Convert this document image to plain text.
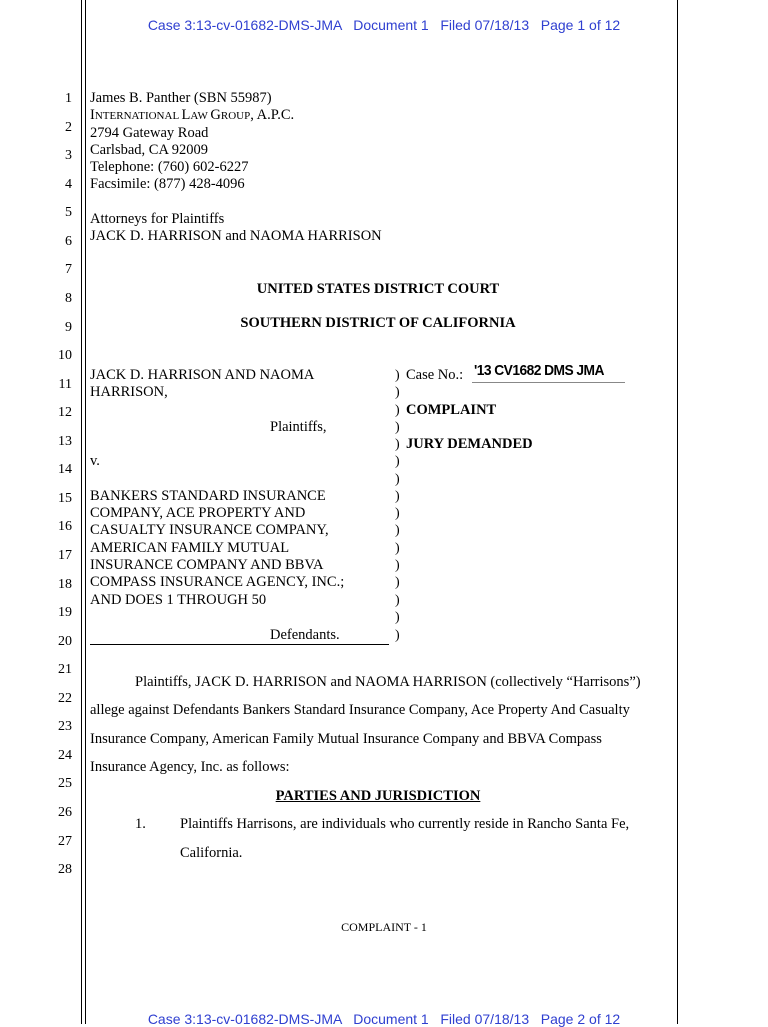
Case 3:13-cv-01682-DMS-JMA   Document 1   Filed 07/18/13   Page 1 of 12
Case 3:13-cv-01682-DMS-JMA   Document 1   Filed 07/18/13   Page 2 of 12
1
2
3
4
5
6
7
8
9
10
11
12
13
14
15
16
17
18
19
20
21
22
23
24
25
26
27
28
James B. Panther (SBN 55987)
INTERNATIONAL LAW GROUP, A.P.C.
2794 Gateway Road
Carlsbad, CA 92009
Telephone: (760) 602-6227
Facsimile: (877) 428-4096
Attorneys for Plaintiffs
JACK D. HARRISON and NAOMA HARRISON
UNITED STATES DISTRICT COURT
SOUTHERN DISTRICT OF CALIFORNIA
JACK D. HARRISON AND NAOMA
HARRISON,
Plaintiffs,
v.
BANKERS STANDARD INSURANCE
COMPANY, ACE PROPERTY AND
CASUALTY INSURANCE COMPANY,
AMERICAN FAMILY MUTUAL
INSURANCE COMPANY AND BBVA
COMPASS INSURANCE AGENCY, INC.;
AND DOES 1 THROUGH 50
Defendants.
)
)
)
)
)
)
)
)
)
)
)
)
)
)
)
)
Case No.: '13 CV1682 DMS JMA
COMPLAINT
JURY DEMANDED
Plaintiffs, JACK D. HARRISON and NAOMA HARRISON (collectively “Harrisons”)
allege against Defendants Bankers Standard Insurance Company, Ace Property And Casualty
Insurance Company, American Family Mutual Insurance Company and BBVA Compass
Insurance Agency, Inc. as follows:
PARTIES AND JURISDICTION
1. Plaintiffs Harrisons, are individuals who currently reside in Rancho Santa Fe,
California.
COMPLAINT - 1
